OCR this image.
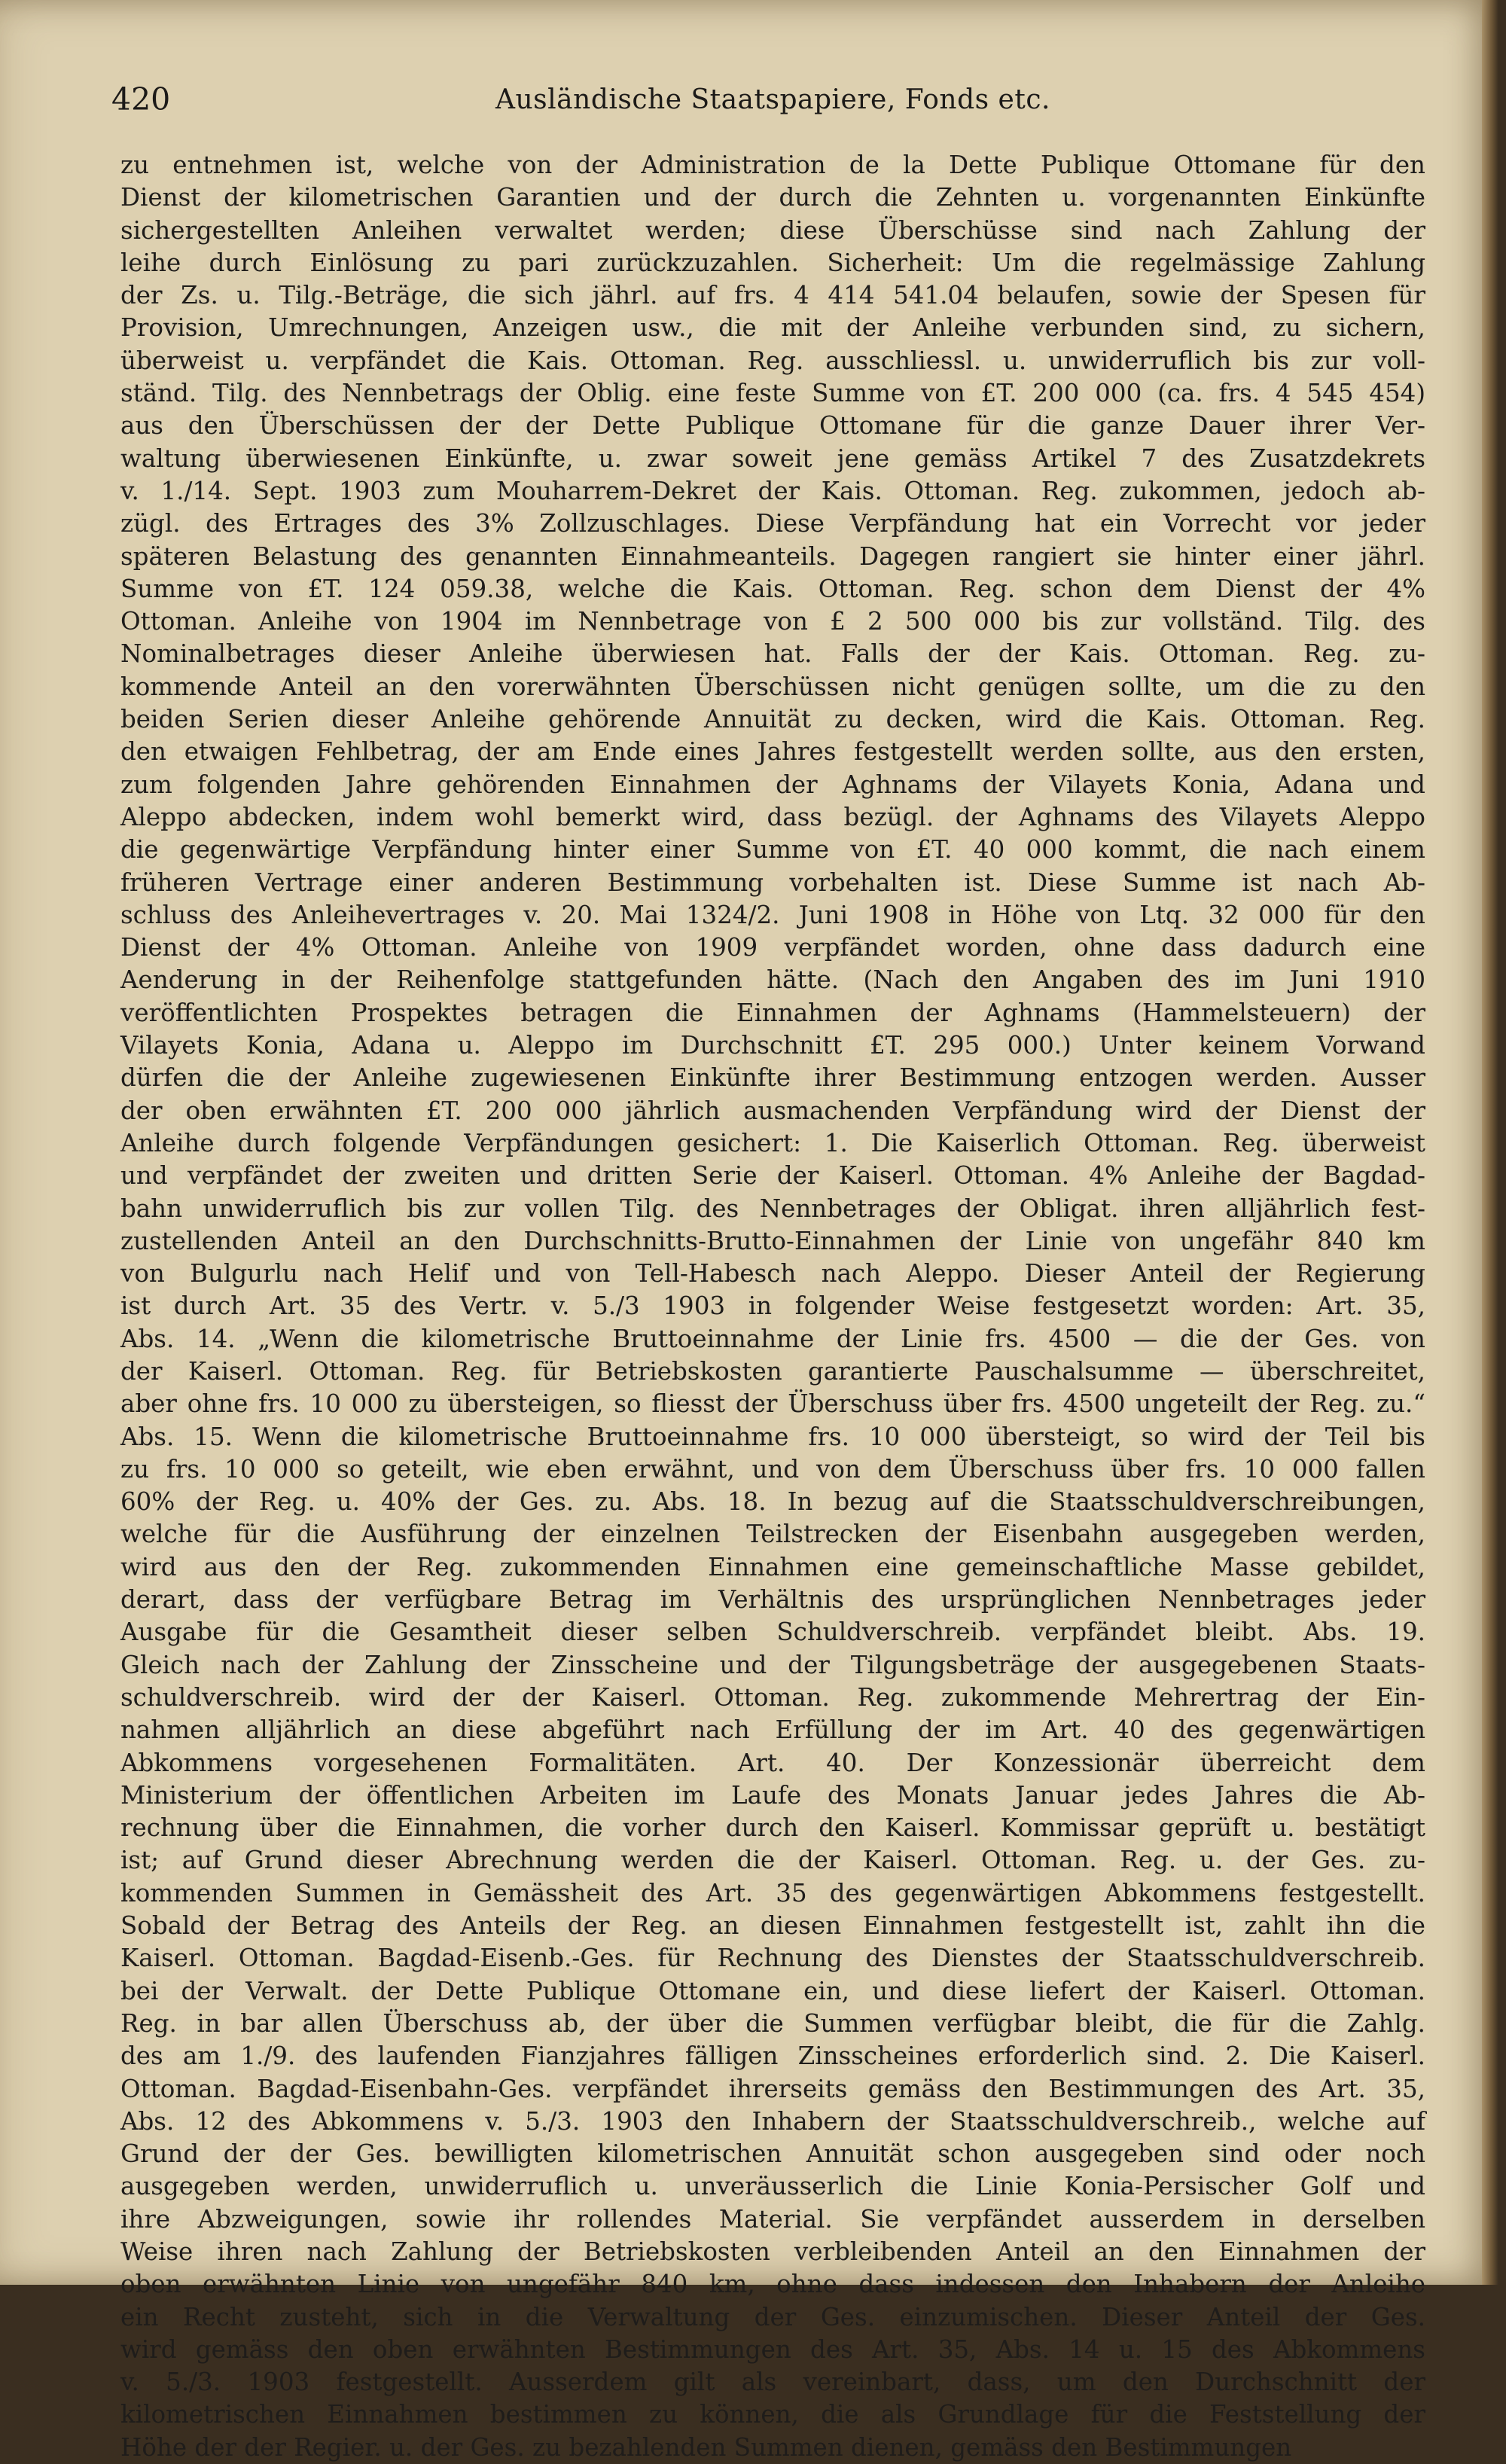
420	Ausländische Staatspapiere, Fonds etc.
zu entnehmen ist, welche von der Administration de la Dette Publique Ottomane für den
Dienst der kilometrischen Garantien und der durch die Zehnten u. vorgenannten Einkünfte
sichergestellten Anleihen verwaltet werden; diese Überschüsse sind nach Zahlung der
leihe durch Einlösung zu pari zurückzuzahlen. Sicherheit: Um die regelmässige Zahlung
der Zs. u. Tilg.-Beträge, die sich jährl. auf frs. 4 414 541.04 belaufen, sowie der Spesen für
Provision, Umrechnungen, Anzeigen usw., die mit der Anleihe verbunden sind, zu sichern,
überweist u. verpfändet die Kais. Ottoman. Reg. ausschliessl. u. unwiderruflich bis zur voll-
ständ. Tilg. des Nennbetrags der Oblig. eine feste Summe von £T. 200 000 (ca. frs. 4 545 454)
aus den Überschüssen der der Dette Publique Ottomane für die ganze Dauer ihrer Ver-
waltung überwiesenen Einkünfte, u. zwar soweit jene gemäss Artikel 7 des Zusatzdekrets
v. 1./14. Sept. 1903 zum Mouharrem-Dekret der Kais. Ottoman. Reg. zukommen, jedoch ab-
zügl. des Ertrages des 3% Zollzuschlages. Diese Verpfändung hat ein Vorrecht vor jeder
späteren Belastung des genannten Einnahmeanteils. Dagegen rangiert sie hinter einer jährl.
Summe von £T. 124 059.38, welche die Kais. Ottoman. Reg. schon dem Dienst der 4%
Ottoman. Anleihe von 1904 im Nennbetrage von £ 2 500 000 bis zur vollständ. Tilg. des
Nominalbetrages dieser Anleihe überwiesen hat. Falls der der Kais. Ottoman. Reg. zu-
kommende Anteil an den vorerwähnten Überschüssen nicht genügen sollte, um die zu den
beiden Serien dieser Anleihe gehörende Annuität zu decken, wird die Kais. Ottoman. Reg.
den etwaigen Fehlbetrag, der am Ende eines Jahres festgestellt werden sollte, aus den ersten,
zum folgenden Jahre gehörenden Einnahmen der Aghnams der Vilayets Konia, Adana und
Aleppo abdecken, indem wohl bemerkt wird, dass bezügl. der Aghnams des Vilayets Aleppo
die gegenwärtige Verpfändung hinter einer Summe von £T. 40 000 kommt, die nach einem
früheren Vertrage einer anderen Bestimmung vorbehalten ist. Diese Summe ist nach Ab-
schluss des Anleihevertrages v. 20. Mai 1324/2. Juni 1908 in Höhe von Ltq. 32 000 für den
Dienst der 4% Ottoman. Anleihe von 1909 verpfändet worden, ohne dass dadurch eine
Aenderung in der Reihenfolge stattgefunden hätte. (Nach den Angaben des im Juni 1910
veröffentlichten Prospektes betragen die Einnahmen der Aghnams (Hammelsteuern) der
Vilayets Konia, Adana u. Aleppo im Durchschnitt £T. 295 000.) Unter keinem Vorwand
dürfen die der Anleihe zugewiesenen Einkünfte ihrer Bestimmung entzogen werden. Ausser
der oben erwähnten £T. 200 000 jährlich ausmachenden Verpfändung wird der Dienst der
Anleihe durch folgende Verpfändungen gesichert: 1. Die Kaiserlich Ottoman. Reg. überweist
und verpfändet der zweiten und dritten Serie der Kaiserl. Ottoman. 4% Anleihe der Bagdad-
bahn unwiderruflich bis zur vollen Tilg. des Nennbetrages der Obligat. ihren alljährlich fest-
zustellenden Anteil an den Durchschnitts-Brutto-Einnahmen der Linie von ungefähr 840 km
von Bulgurlu nach Helif und von Tell-Habesch nach Aleppo. Dieser Anteil der Regierung
ist durch Art. 35 des Vertr. v. 5./3 1903 in folgender Weise festgesetzt worden: Art. 35,
Abs. 14. „Wenn die kilometrische Bruttoeinnahme der Linie frs. 4500 — die der Ges. von
der Kaiserl. Ottoman. Reg. für Betriebskosten garantierte Pauschalsumme — überschreitet,
aber ohne frs. 10 000 zu übersteigen, so fliesst der Überschuss über frs. 4500 ungeteilt der Reg. zu.“
Abs. 15. Wenn die kilometrische Bruttoeinnahme frs. 10 000 übersteigt, so wird der Teil bis
zu frs. 10 000 so geteilt, wie eben erwähnt, und von dem Überschuss über frs. 10 000 fallen
60% der Reg. u. 40% der Ges. zu. Abs. 18. In bezug auf die Staatsschuldverschreibungen,
welche für die Ausführung der einzelnen Teilstrecken der Eisenbahn ausgegeben werden,
wird aus den der Reg. zukommenden Einnahmen eine gemeinschaftliche Masse gebildet,
derart, dass der verfügbare Betrag im Verhältnis des ursprünglichen Nennbetrages jeder
Ausgabe für die Gesamtheit dieser selben Schuldverschreib. verpfändet bleibt. Abs. 19.
Gleich nach der Zahlung der Zinsscheine und der Tilgungsbeträge der ausgegebenen Staats-
schuldverschreib. wird der der Kaiserl. Ottoman. Reg. zukommende Mehrertrag der Ein-
nahmen alljährlich an diese abgeführt nach Erfüllung der im Art. 40 des gegenwärtigen
Abkommens vorgesehenen Formalitäten. Art. 40. Der Konzessionär überreicht dem
Ministerium der öffentlichen Arbeiten im Laufe des Monats Januar jedes Jahres die Ab-
rechnung über die Einnahmen, die vorher durch den Kaiserl. Kommissar geprüft u. bestätigt
ist; auf Grund dieser Abrechnung werden die der Kaiserl. Ottoman. Reg. u. der Ges. zu-
kommenden Summen in Gemässheit des Art. 35 des gegenwärtigen Abkommens festgestellt.
Sobald der Betrag des Anteils der Reg. an diesen Einnahmen festgestellt ist, zahlt ihn die
Kaiserl. Ottoman. Bagdad-Eisenb.-Ges. für Rechnung des Dienstes der Staatsschuldverschreib.
bei der Verwalt. der Dette Publique Ottomane ein, und diese liefert der Kaiserl. Ottoman.
Reg. in bar allen Überschuss ab, der über die Summen verfügbar bleibt, die für die Zahlg.
des am 1./9. des laufenden Fianzjahres fälligen Zinsscheines erforderlich sind. 2. Die Kaiserl.
Ottoman. Bagdad-Eisenbahn-Ges. verpfändet ihrerseits gemäss den Bestimmungen des Art. 35,
Abs. 12 des Abkommens v. 5./3. 1903 den Inhabern der Staatsschuldverschreib., welche auf
Grund der der Ges. bewilligten kilometrischen Annuität schon ausgegeben sind oder noch
ausgegeben werden, unwiderruflich u. unveräusserlich die Linie Konia-Persischer Golf und
ihre Abzweigungen, sowie ihr rollendes Material. Sie verpfändet ausserdem in derselben
Weise ihren nach Zahlung der Betriebskosten verbleibenden Anteil an den Einnahmen der
oben erwähnten Linie von ungefähr 840 km, ohne dass indessen den Inhabern der Anleihe
ein Recht zusteht, sich in die Verwaltung der Ges. einzumischen. Dieser Anteil der Ges.
wird gemäss den oben erwähnten Bestimmungen des Art. 35, Abs. 14 u. 15 des Abkommens
v. 5./3. 1903 festgestellt. Ausserdem gilt als vereinbart, dass, um den Durchschnitt der
kilometrischen Einnahmen bestimmen zu können, die als Grundlage für die Feststellung der
Höhe der der Regier. u. der Ges. zu bezahlenden Summen dienen, gemäss den Bestimmungen
